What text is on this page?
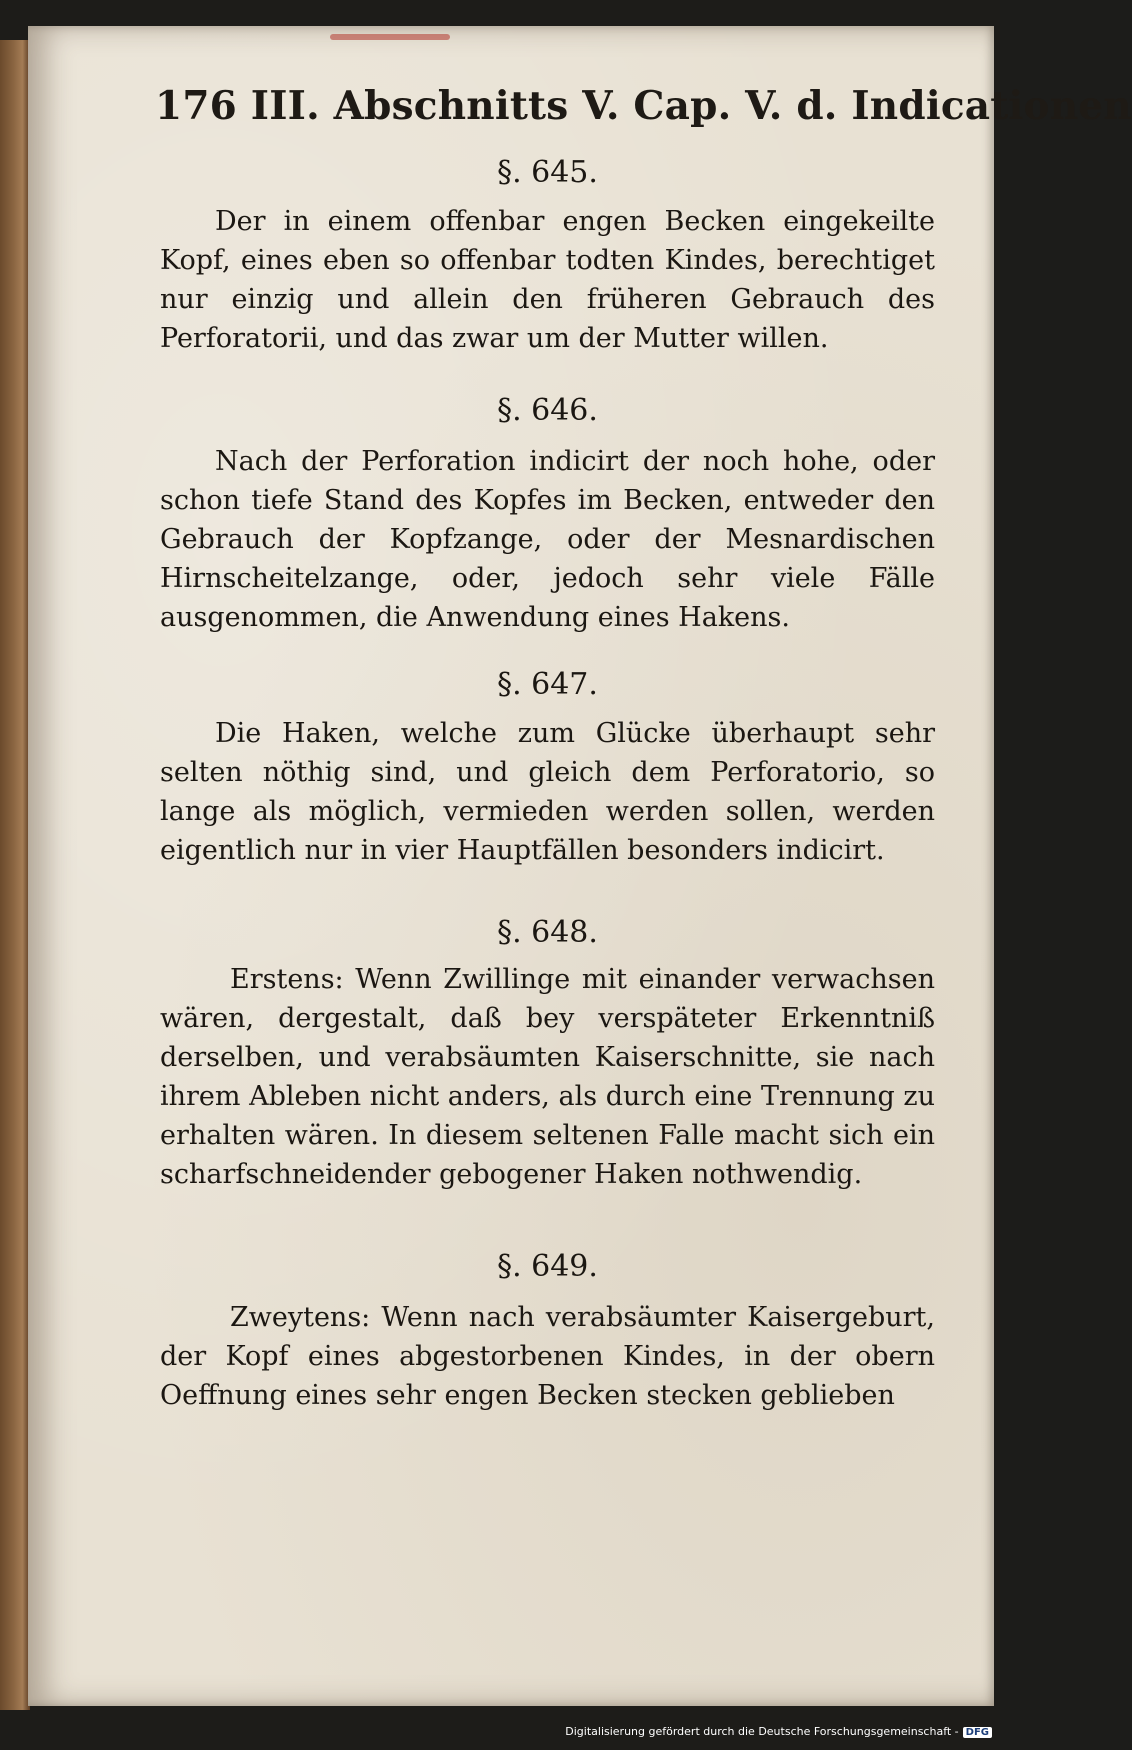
176 III. Abschnitts V. Cap. V. d. Indicationen

§. 645.

Der in einem offenbar engen Becken eingekeilte Kopf, eines eben so offenbar todten Kindes, berechtiget nur einzig und allein den früheren Gebrauch des Perforatorii, und das zwar um der Mutter willen.

§. 646.

Nach der Perforation indicirt der noch hohe, oder schon tiefe Stand des Kopfes im Becken, entweder den Gebrauch der Kopfzange, oder der Mesnardischen Hirnscheitelzange, oder, jedoch sehr viele Fälle ausgenommen, die Anwendung eines Hakens.

§. 647.

Die Haken, welche zum Glücke überhaupt sehr selten nöthig sind, und gleich dem Perforatorio, so lange als möglich, vermieden werden sollen, werden eigentlich nur in vier Hauptfällen besonders indicirt.

§. 648.

Erstens: Wenn Zwillinge mit einander verwachsen wären, dergestalt, daß bey verspäteter Erkenntniß derselben, und verabsäumten Kaiserschnitte, sie nach ihrem Ableben nicht anders, als durch eine Trennung zu erhalten wären. In diesem seltenen Falle macht sich ein scharfschneidender gebogener Haken nothwendig.

§. 649.

Zweytens: Wenn nach verabsäumter Kaisergeburt, der Kopf eines abgestorbenen Kindes, in der obern Oeffnung eines sehr engen Becken stecken geblieben

Digitalisierung gefördert durch die Deutsche Forschungsgemeinschaft - DFG
